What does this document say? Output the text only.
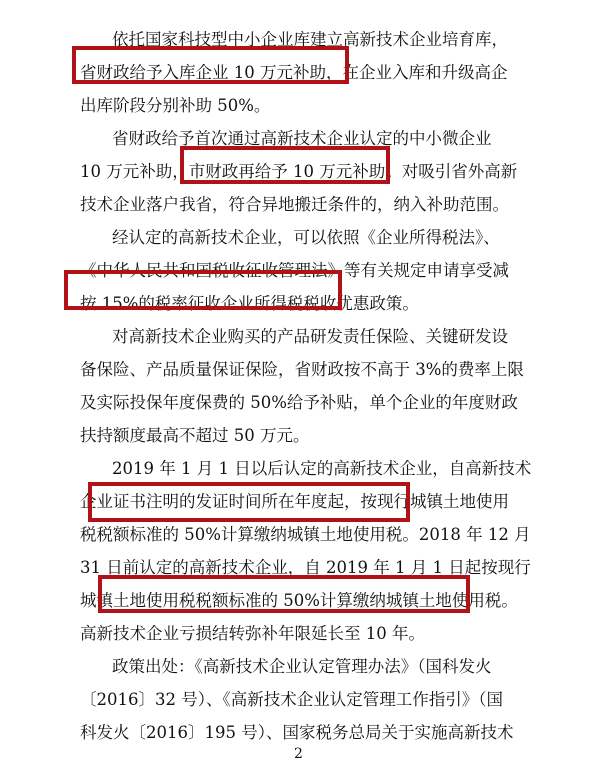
依托国家科技型中小企业库建立高新技术企业培育库，
省财政给予入库企业 10 万元补助，在企业入库和升级高企
出库阶段分别补助 50%。
省财政给予首次通过高新技术企业认定的中小微企业
10 万元补助，市财政再给予 10 万元补助。对吸引省外高新
技术企业落户我省，符合异地搬迁条件的，纳入补助范围。
经认定的高新技术企业，可以依照《企业所得税法》、
《中华人民共和国税收征收管理法》等有关规定申请享受减
按 15%的税率征收企业所得税税收优惠政策。
对高新技术企业购买的产品研发责任保险、关键研发设
备保险、产品质量保证保险，省财政按不高于 3%的费率上限
及实际投保年度保费的 50%给予补贴，单个企业的年度财政
扶持额度最高不超过 50 万元。
2019 年 1 月 1 日以后认定的高新技术企业，自高新技术
企业证书注明的发证时间所在年度起，按现行城镇土地使用
税税额标准的 50%计算缴纳城镇土地使用税。2018 年 12 月
31 日前认定的高新技术企业，自 2019 年 1 月 1 日起按现行
城镇土地使用税税额标准的 50%计算缴纳城镇土地使用税。
高新技术企业亏损结转弥补年限延长至 10 年。
政策出处：《高新技术企业认定管理办法》（国科发火
〔2016〕32 号）、《高新技术企业认定管理工作指引》（国
科发火〔2016〕195 号）、国家税务总局关于实施高新技术
2
